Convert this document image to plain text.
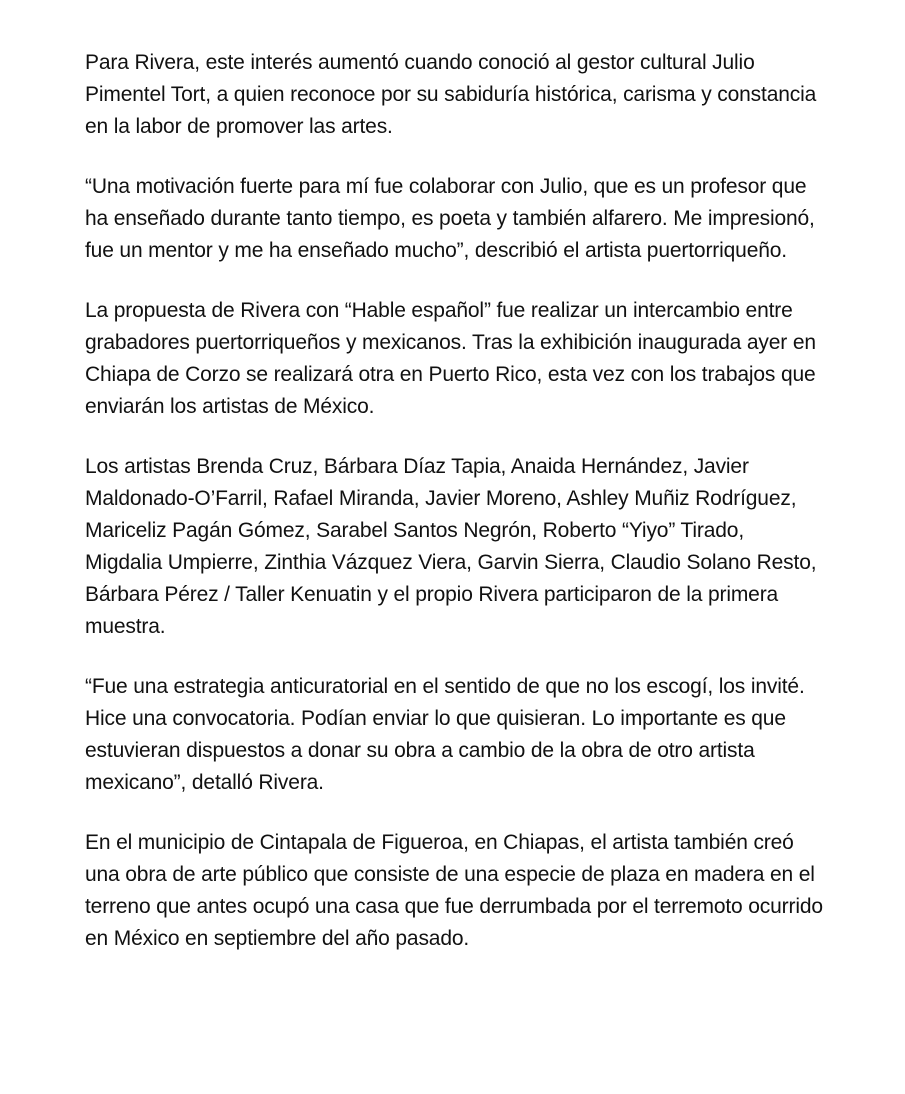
Para Rivera, este interés aumentó cuando conoció al gestor cultural Julio Pimentel Tort, a quien reconoce por su sabiduría histórica, carisma y constancia en la labor de promover las artes.

“Una motivación fuerte para mí fue colaborar con Julio, que es un profesor que ha enseñado durante tanto tiempo, es poeta y también alfarero. Me impresionó, fue un mentor y me ha enseñado mucho”, describió el artista puertorriqueño.

La propuesta de Rivera con “Hable español” fue realizar un intercambio entre grabadores puertorriqueños y mexicanos. Tras la exhibición inaugurada ayer en Chiapa de Corzo se realizará otra en Puerto Rico, esta vez con los trabajos que enviarán los artistas de México.

Los artistas Brenda Cruz, Bárbara Díaz Tapia, Anaida Hernández, Javier Maldonado-O’Farril, Rafael Miranda, Javier Moreno, Ashley Muñiz Rodríguez, Mariceliz Pagán Gómez, Sarabel Santos Negrón, Roberto “Yiyo” Tirado, Migdalia Umpierre, Zinthia Vázquez Viera, Garvin Sierra, Claudio Solano Resto, Bárbara Pérez / Taller Kenuatin y el propio Rivera participaron de la primera muestra.

“Fue una estrategia anticuratorial en el sentido de que no los escogí, los invité. Hice una convocatoria. Podían enviar lo que quisieran. Lo importante es que estuvieran dispuestos a donar su obra a cambio de la obra de otro artista mexicano”, detalló Rivera.

En el municipio de Cintapala de Figueroa, en Chiapas, el artista también creó una obra de arte público que consiste de una especie de plaza en madera en el terreno que antes ocupó una casa que fue derrumbada por el terremoto ocurrido en México en septiembre del año pasado.
